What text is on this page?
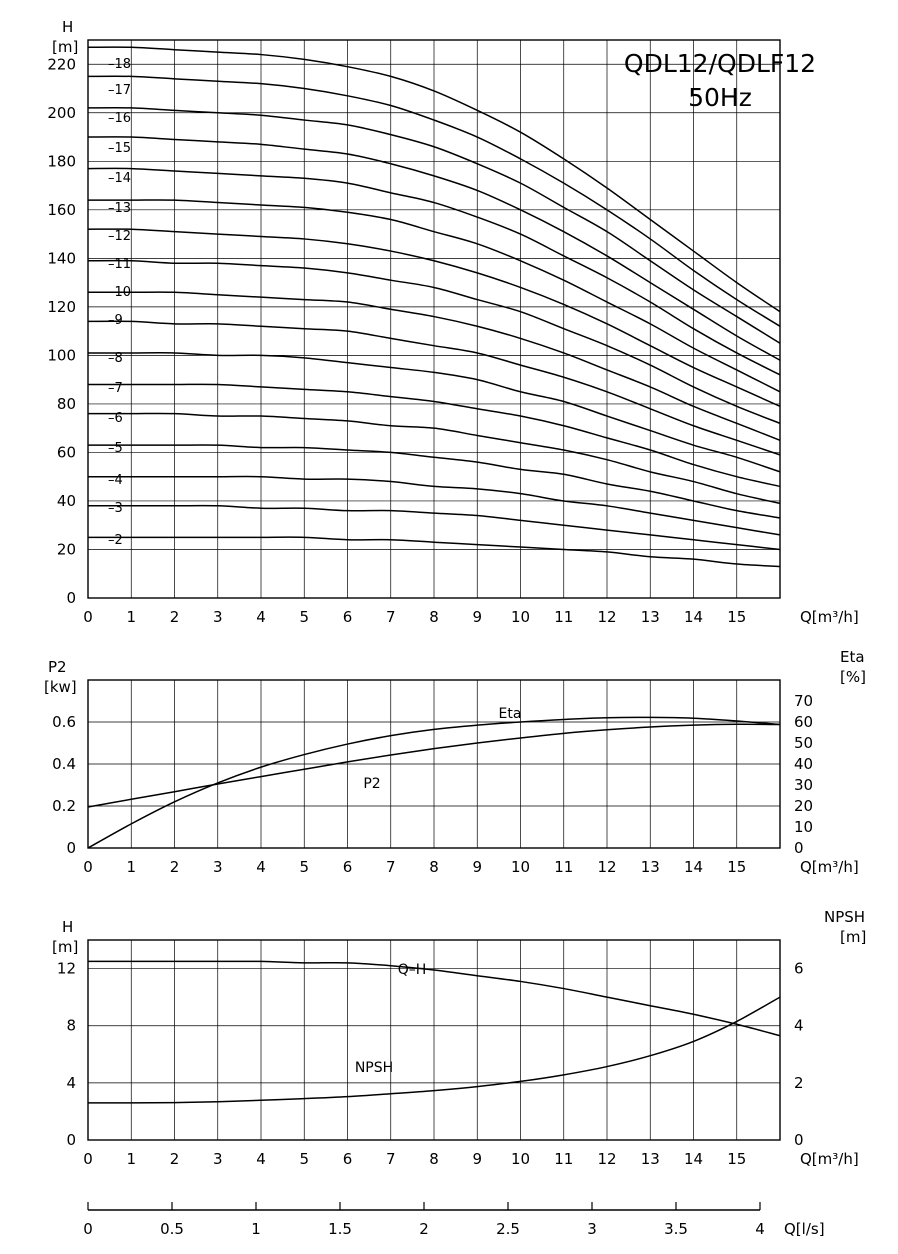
0 1 2 3 4 5 6 7 8 9 10 11 12 13 14 15
0
20
40
60
80
100
120
140
160
180
200
220
H
[m]
Q[m³/h]
QDL12/QDLF12
50Hz
–18
–17
–16
–15
–14
–13
–12
–11
–10
–9
–8
–7
–6
–5
–4
–3
–2
0 1 2 3 4 5 6 7 8 9 10 11 12 13 14 15
0
0.2
0.4
0.6
0
10
20
30
40
50
60
70
P2
[kw]
Eta
[%]
Q[m³/h]
Eta
P2
0 1 2 3 4 5 6 7 8 9 10 11 12 13 14 15
0
4
8
12
0
2
4
6
H
[m]
NPSH
[m]
Q[m³/h]
Q–H
NPSH
0	0.5	1	1.5	2	2.5	3	3.5	4 Q[l/s]
